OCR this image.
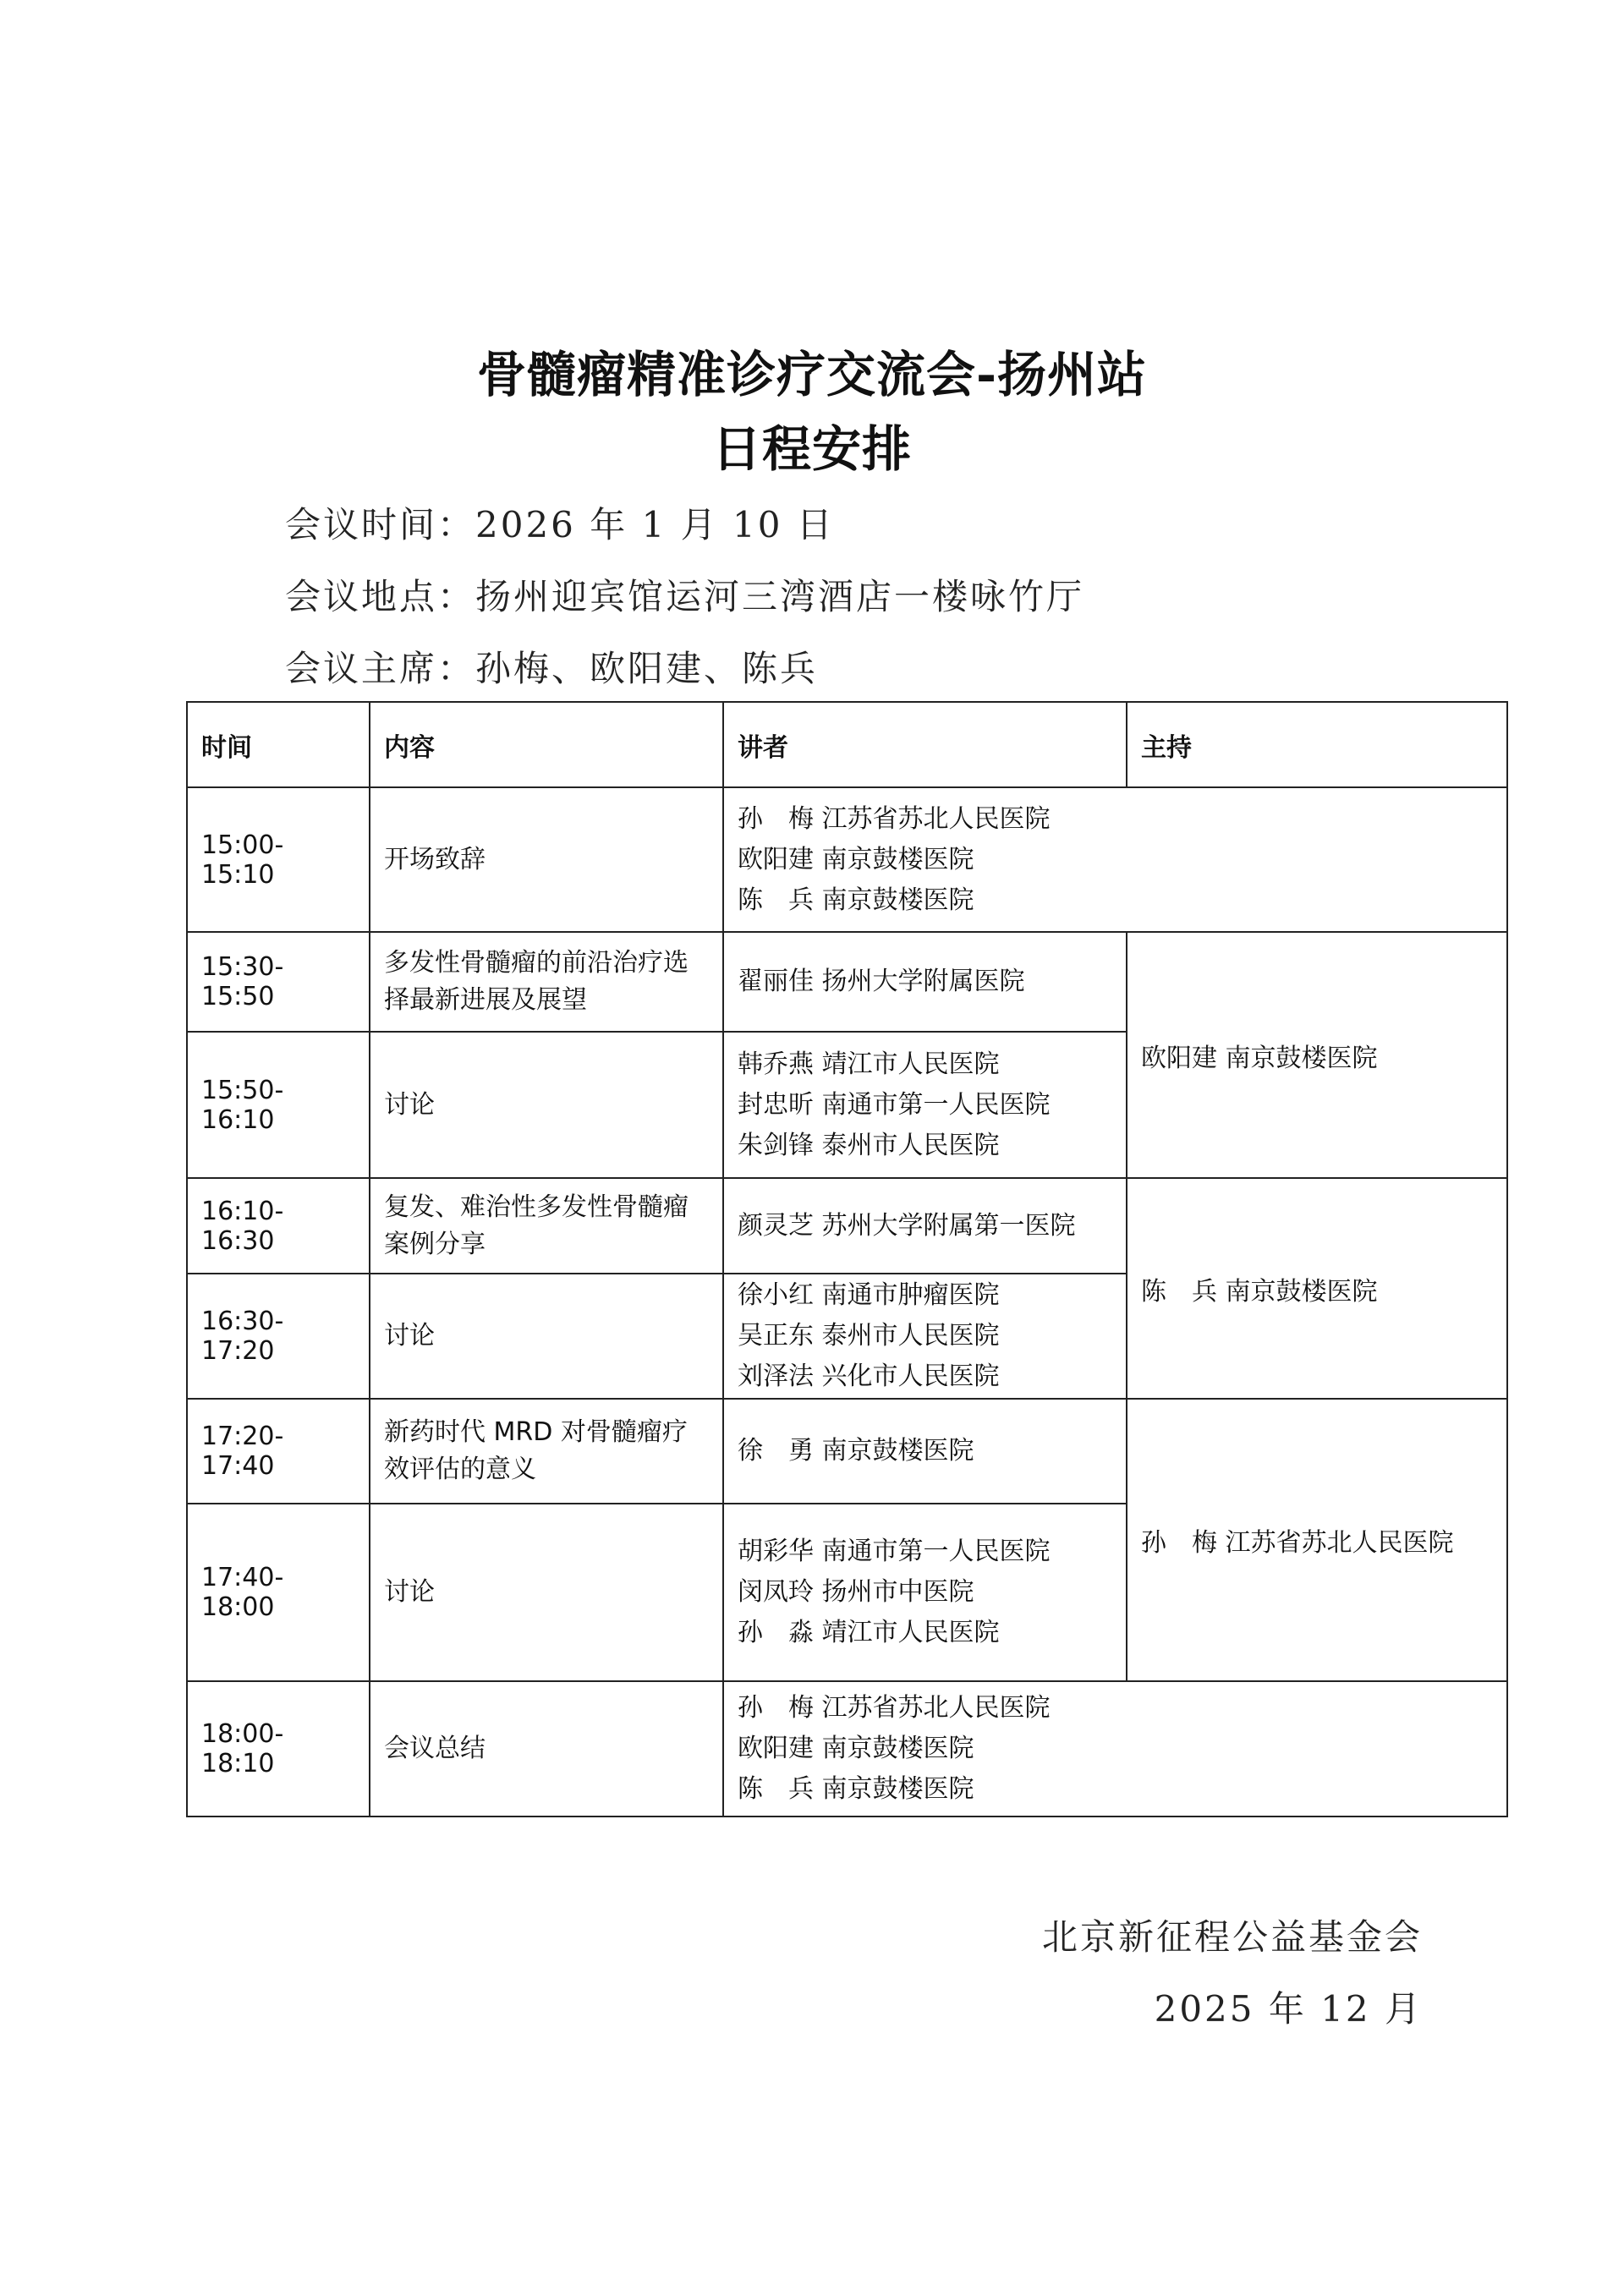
骨髓瘤精准诊疗交流会-扬州站
日程安排
会议时间：2026 年 1 月 10 日
会议地点：扬州迎宾馆运河三湾酒店一楼咏竹厅
会议主席：孙梅、欧阳建、陈兵
时间	内容	讲者	主持
15:00-15:10	开场致辞	孙　梅 江苏省苏北人民医院
欧阳建 南京鼓楼医院
陈　兵 南京鼓楼医院	

15:30-15:50	多发性骨髓瘤的前沿治疗选择最新进展及展望	翟丽佳 扬州大学附属医院	欧阳建 南京鼓楼医院
15:50-16:10	讨论	韩乔燕 靖江市人民医院
封忠昕 南通市第一人民医院
朱剑锋 泰州市人民医院	

16:10-16:30	复发、难治性多发性骨髓瘤案例分享	颜灵芝 苏州大学附属第一医院	陈　兵 南京鼓楼医院
16:30-17:20	讨论	徐小红 南通市肿瘤医院
吴正东 泰州市人民医院
刘泽法 兴化市人民医院	

17:20-17:40	新药时代 MRD 对骨髓瘤疗效评估的意义	徐　勇 南京鼓楼医院	孙　梅 江苏省苏北人民医院
17:40-18:00	讨论	胡彩华 南通市第一人民医院
闵凤玲 扬州市中医院
孙　淼 靖江市人民医院	

18:00-18:10	会议总结	孙　梅 江苏省苏北人民医院
欧阳建 南京鼓楼医院
陈　兵 南京鼓楼医院	
北京新征程公益基金会
2025 年 12 月
